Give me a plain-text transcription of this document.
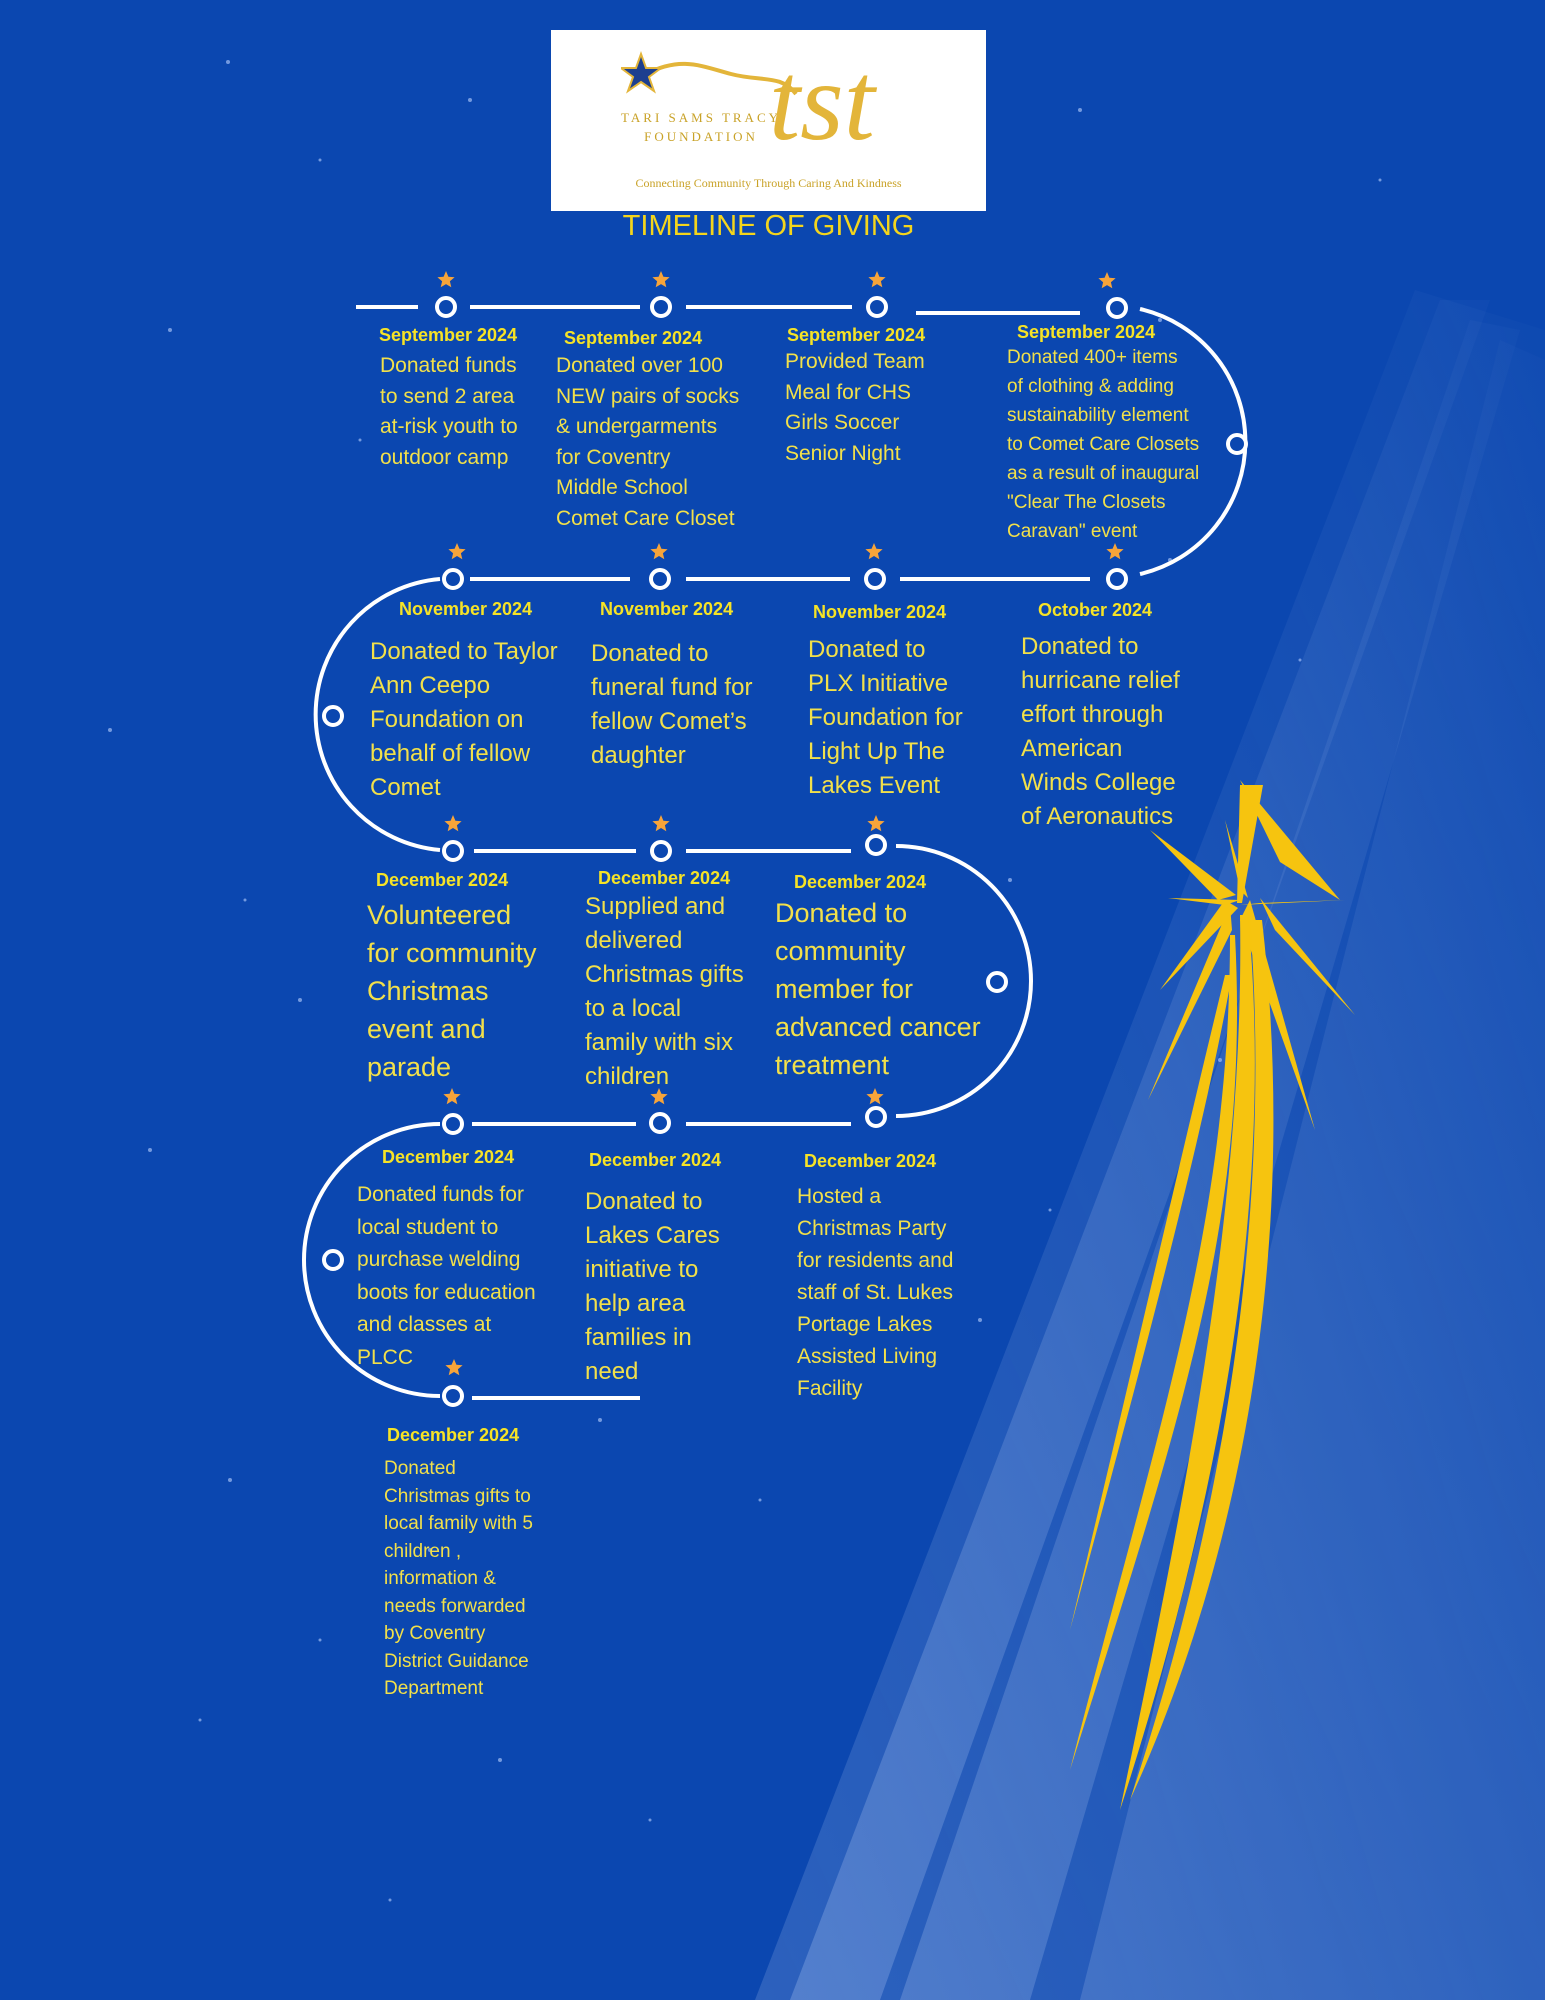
TARI SAMS TRACY
FOUNDATION tst
Connecting Community Through Caring And Kindness
TIMELINE OF GIVING
September 2024
Donated funds
to send 2 area
at-risk youth to
outdoor camp
September 2024
Donated over 100
NEW pairs of socks
& undergarments
for Coventry
Middle School
Comet Care Closet
September 2024
Provided Team
Meal for CHS
Girls Soccer
Senior Night
September 2024
Donated 400+ items
of clothing & adding
sustainability element
to Comet Care Closets
as a result of inaugural
"Clear The Closets
Caravan" event
October 2024
Donated to
hurricane relief
effort through
American
Winds College
of Aeronautics
November 2024
Donated to
PLX Initiative
Foundation for
Light Up The
Lakes Event
November 2024
Donated to
funeral fund for
fellow Comet’s
daughter
November 2024
Donated to Taylor
Ann Ceepo
Foundation on
behalf of fellow
Comet
December 2024
Volunteered
for community
Christmas
event and
parade
December 2024
Supplied and
delivered
Christmas gifts
to a local
family with six
children
December 2024
Donated to
community
member for
advanced cancer
treatment
December 2024
Hosted a
Christmas Party
for residents and
staff of St. Lukes
Portage Lakes
Assisted Living
Facility
December 2024
Donated to
Lakes Cares
initiative to
help area
families in
need
December 2024
Donated funds for
local student to
purchase welding
boots for education
and classes at
PLCC
December 2024
Donated
Christmas gifts to
local family with 5
children ,
information &
needs forwarded
by Coventry
District Guidance
Department
